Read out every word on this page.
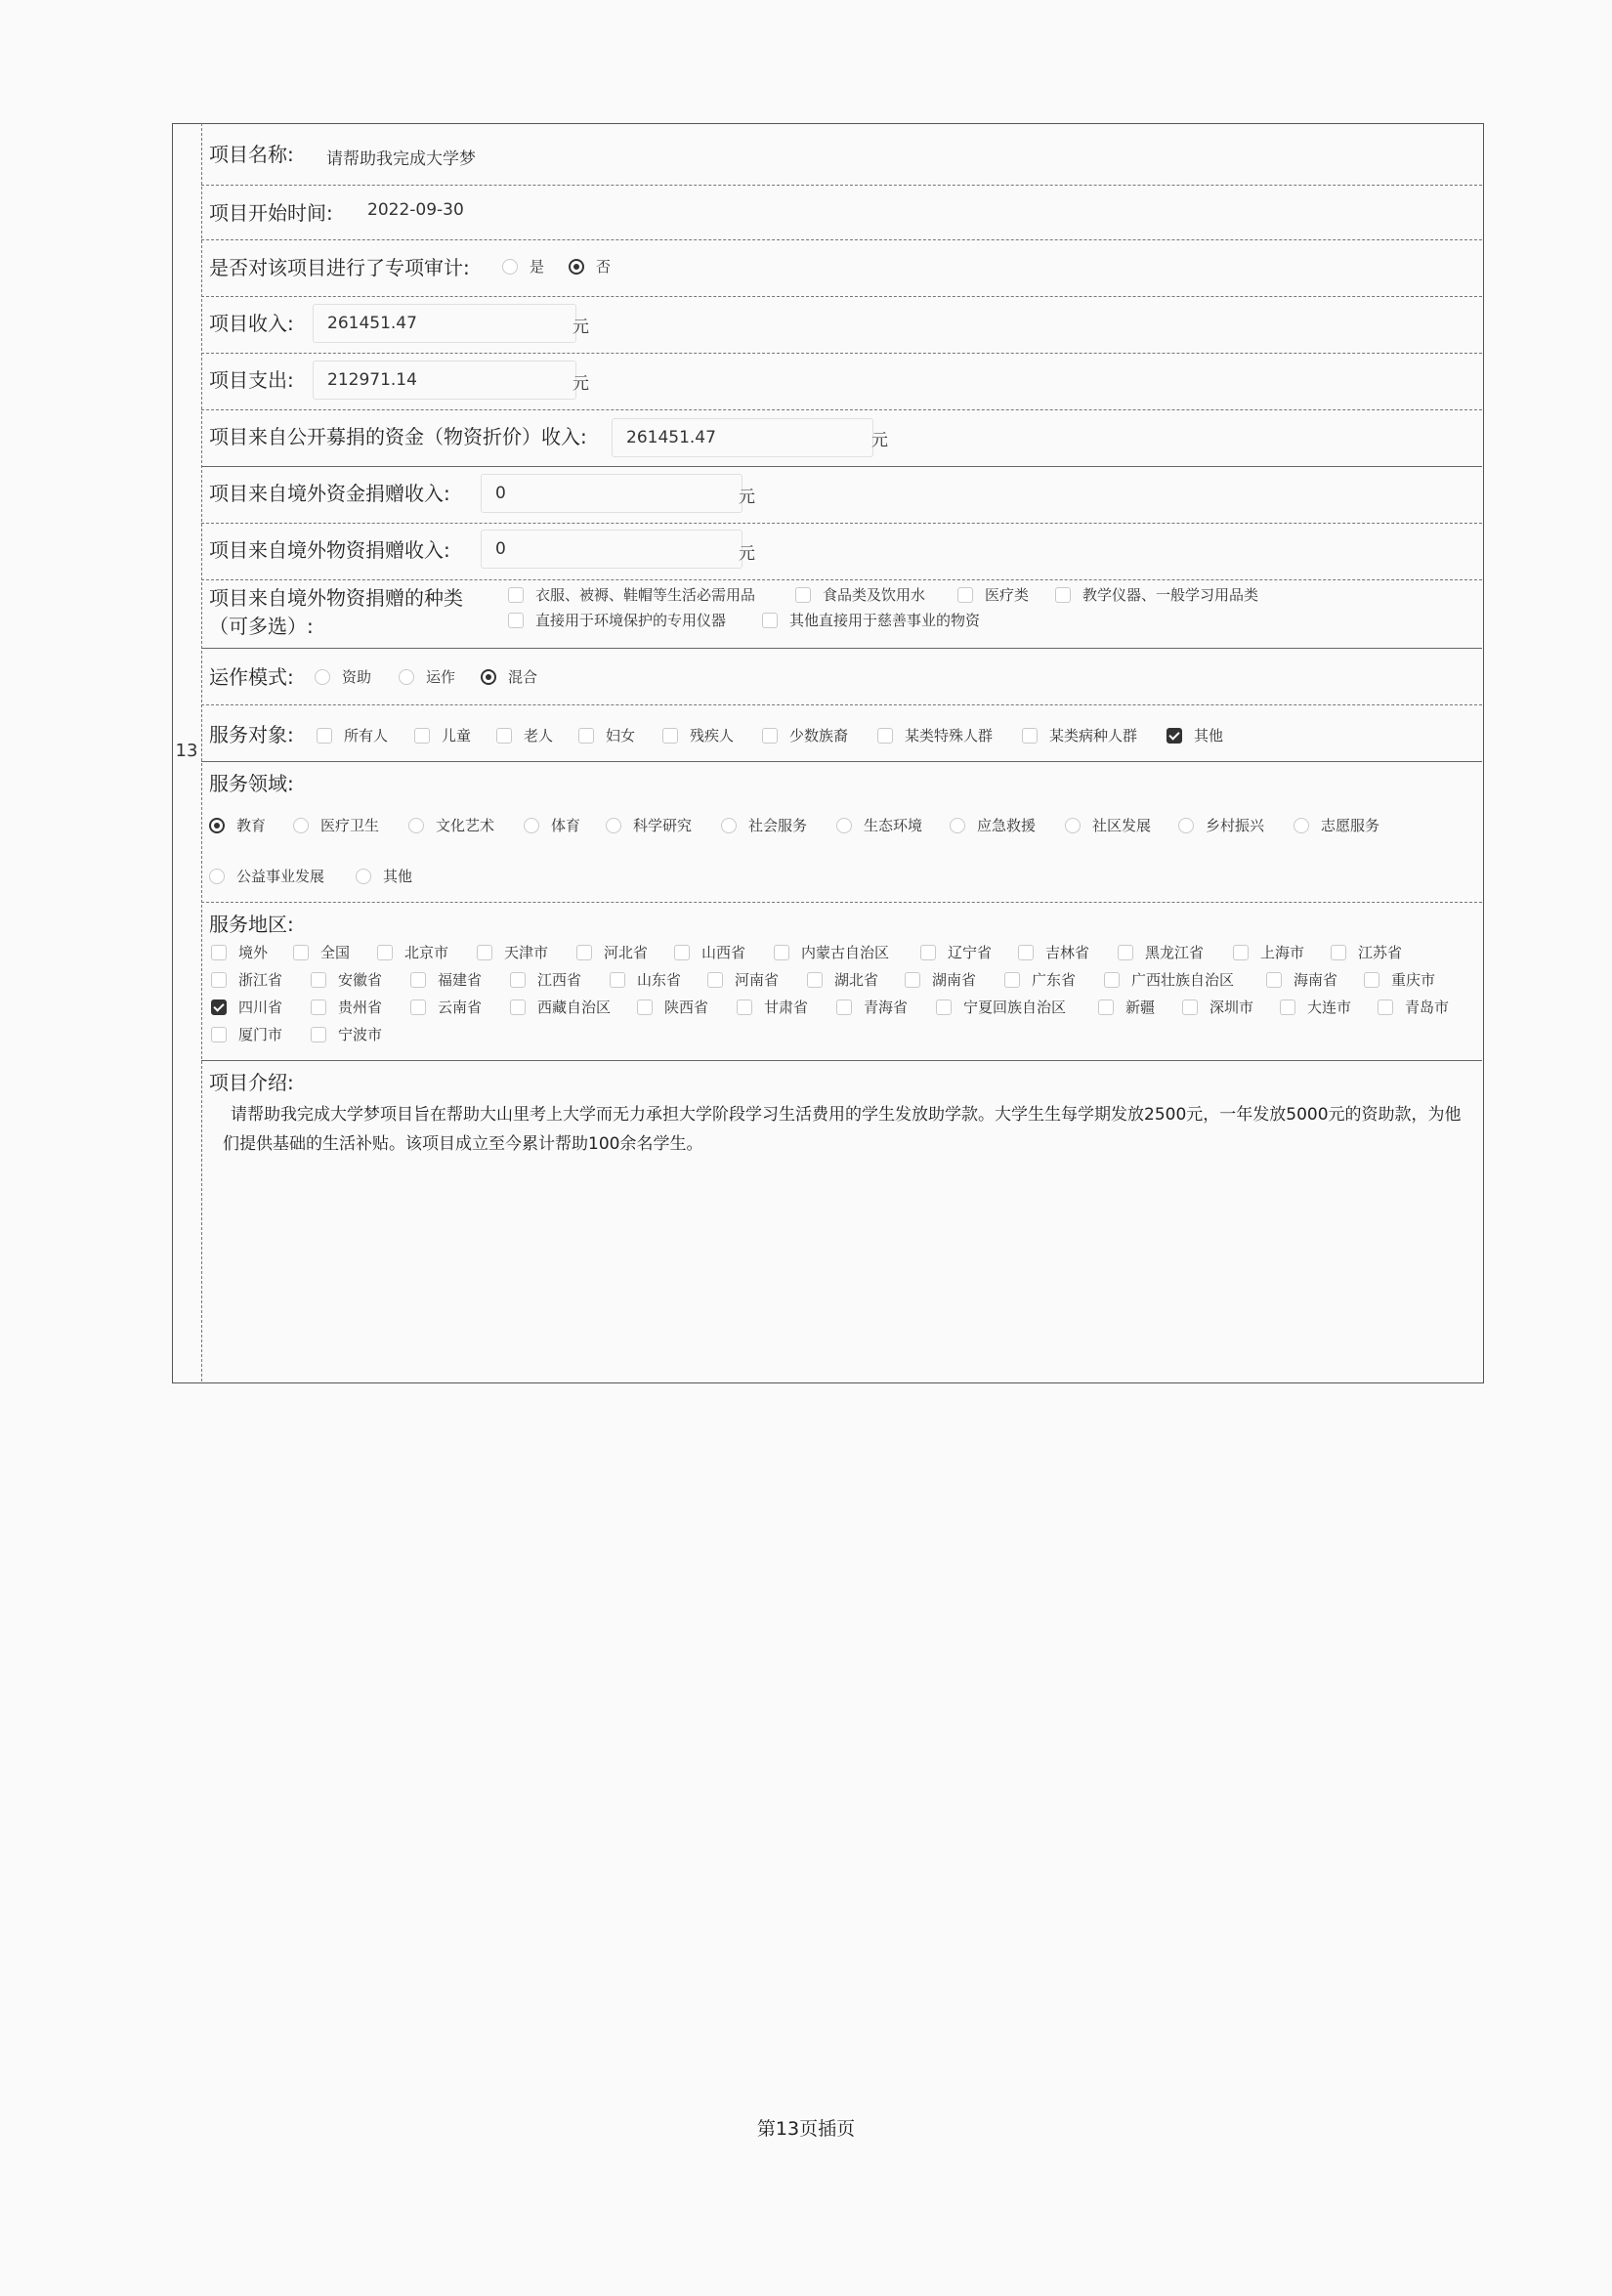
13
项目名称: 请帮助我完成大学梦
项目开始时间: 2022-09-30
是否对该项目进行了专项审计:	是	否
项目收入:	261451.47	元
项目支出:	212971.14	元
项目来自公开募捐的资金（物资折价）收入:	261451.47	元
项目来自境外资金捐赠收入:	0	元
项目来自境外物资捐赠收入:	0	元
项目来自境外物资捐赠的种类
（可多选）:
衣服、被褥、鞋帽等生活必需用品	食品类及饮用水	医疗类	教学仪器、一般学习用品类
直接用于环境保护的专用仪器	其他直接用于慈善事业的物资
运作模式:	资助	运作	混合
服务对象:	所有人	儿童	老人	妇女	残疾人	少数族裔	某类特殊人群	某类病种人群	其他
服务领域:
教育	医疗卫生	文化艺术	体育	科学研究	社会服务	生态环境	应急救援	社区发展	乡村振兴	志愿服务
公益事业发展	其他
服务地区:
境外	全国	北京市	天津市	河北省	山西省	内蒙古自治区	辽宁省	吉林省	黑龙江省	上海市	江苏省
浙江省	安徽省	福建省	江西省	山东省	河南省	湖北省	湖南省	广东省	广西壮族自治区	海南省	重庆市
四川省	贵州省	云南省	西藏自治区	陕西省	甘肃省	青海省	宁夏回族自治区	新疆	深圳市	大连市	青岛市
厦门市	宁波市
项目介绍:
请帮助我完成大学梦项目旨在帮助大山里考上大学而无力承担大学阶段学习生活费用的学生发放助学款。大学生生每学期发放2500元，一年发放5000元的资助款，为他们提供基础的生活补贴。该项目成立至今累计帮助100余名学生。
第13页插页
